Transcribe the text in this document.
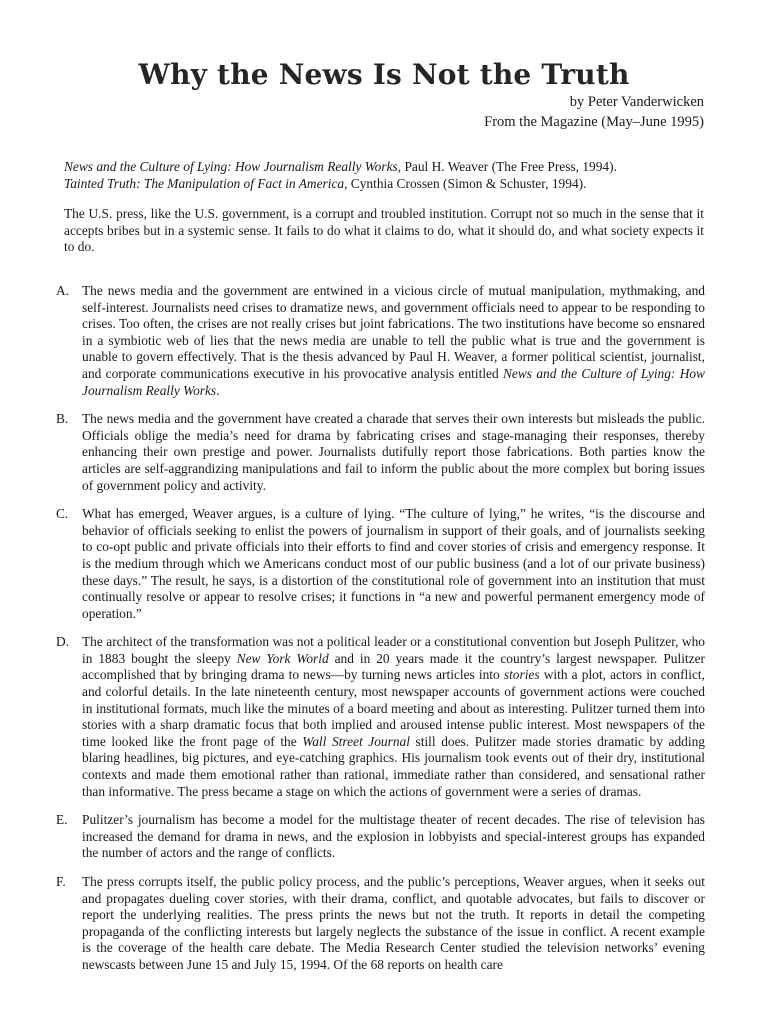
Why the News Is Not the Truth
by Peter Vanderwicken
From the Magazine (May–June 1995)
News and the Culture of Lying: How Journalism Really Works, Paul H. Weaver (The Free Press, 1994).
Tainted Truth: The Manipulation of Fact in America, Cynthia Crossen (Simon & Schuster, 1994).
The U.S. press, like the U.S. government, is a corrupt and troubled institution. Corrupt not so much in the sense that it accepts bribes but in a systemic sense. It fails to do what it claims to do, what it should do, and what society expects it to do.
A. The news media and the government are entwined in a vicious circle of mutual manipulation, mythmaking, and self-interest. Journalists need crises to dramatize news, and government officials need to appear to be responding to crises. Too often, the crises are not really crises but joint fabrications. The two institutions have become so ensnared in a symbiotic web of lies that the news media are unable to tell the public what is true and the government is unable to govern effectively. That is the thesis advanced by Paul H. Weaver, a former political scientist, journalist, and corporate communications executive in his provocative analysis entitled News and the Culture of Lying: How Journalism Really Works.
B. The news media and the government have created a charade that serves their own interests but misleads the public. Officials oblige the media’s need for drama by fabricating crises and stage-managing their responses, thereby enhancing their own prestige and power. Journalists dutifully report those fabrications. Both parties know the articles are self-aggrandizing manipulations and fail to inform the public about the more complex but boring issues of government policy and activity.
C. What has emerged, Weaver argues, is a culture of lying. “The culture of lying,” he writes, “is the discourse and behavior of officials seeking to enlist the powers of journalism in support of their goals, and of journalists seeking to co-opt public and private officials into their efforts to find and cover stories of crisis and emergency response. It is the medium through which we Americans conduct most of our public business (and a lot of our private business) these days.” The result, he says, is a distortion of the constitutional role of government into an institution that must continually resolve or appear to resolve crises; it functions in “a new and powerful permanent emergency mode of operation.”
D. The architect of the transformation was not a political leader or a constitutional convention but Joseph Pulitzer, who in 1883 bought the sleepy New York World and in 20 years made it the country’s largest newspaper. Pulitzer accomplished that by bringing drama to news—by turning news articles into stories with a plot, actors in conflict, and colorful details. In the late nineteenth century, most newspaper accounts of government actions were couched in institutional formats, much like the minutes of a board meeting and about as interesting. Pulitzer turned them into stories with a sharp dramatic focus that both implied and aroused intense public interest. Most newspapers of the time looked like the front page of the Wall Street Journal still does. Pulitzer made stories dramatic by adding blaring headlines, big pictures, and eye-catching graphics. His journalism took events out of their dry, institutional contexts and made them emotional rather than rational, immediate rather than considered, and sensational rather than informative. The press became a stage on which the actions of government were a series of dramas.
E. Pulitzer’s journalism has become a model for the multistage theater of recent decades. The rise of television has increased the demand for drama in news, and the explosion in lobbyists and special-interest groups has expanded the number of actors and the range of conflicts.
F. The press corrupts itself, the public policy process, and the public’s perceptions, Weaver argues, when it seeks out and propagates dueling cover stories, with their drama, conflict, and quotable advocates, but fails to discover or report the underlying realities. The press prints the news but not the truth. It reports in detail the competing propaganda of the conflicting interests but largely neglects the substance of the issue in conflict. A recent example is the coverage of the health care debate. The Media Research Center studied the television networks’ evening newscasts between June 15 and July 15, 1994. Of the 68 reports on health care
